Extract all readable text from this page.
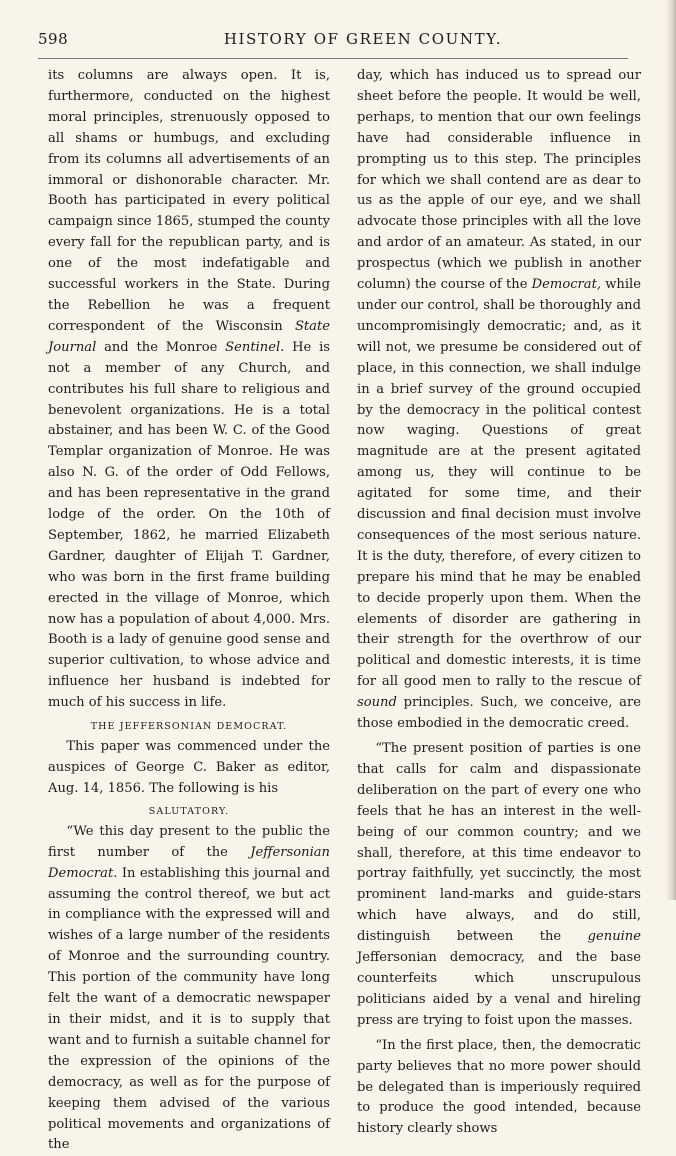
598	HISTORY OF GREEN COUNTY.

its columns are always open. It is, furthermore, conducted on the highest moral principles, strenuously opposed to all shams or humbugs, and excluding from its columns all advertisements of an immoral or dishonorable character. Mr. Booth has participated in every political campaign since 1865, stumped the county every fall for the republican party, and is one of the most indefatigable and successful workers in the State. During the Rebellion he was a frequent correspondent of the Wisconsin State Journal and the Monroe Sentinel. He is not a member of any Church, and contributes his full share to religious and benevolent organizations. He is a total abstainer, and has been W. C. of the Good Templar organization of Monroe. He was also N. G. of the order of Odd Fellows, and has been representative in the grand lodge of the order. On the 10th of September, 1862, he married Elizabeth Gardner, daughter of Elijah T. Gardner, who was born in the first frame building erected in the village of Monroe, which now has a population of about 4,000. Mrs. Booth is a lady of genuine good sense and superior cultivation, to whose advice and influence her husband is indebted for much of his success in life.

THE JEFFERSONIAN DEMOCRAT.

This paper was commenced under the auspices of George C. Baker as editor, Aug. 14, 1856. The following is his

SALUTATORY.

“We this day present to the public the first number of the Jeffersonian Democrat. In establishing this journal and assuming the control thereof, we but act in compliance with the expressed will and wishes of a large number of the residents of Monroe and the surrounding country. This portion of the community have long felt the want of a democratic newspaper in their midst, and it is to supply that want and to furnish a suitable channel for the expression of the opinions of the democracy, as well as for the purpose of keeping them advised of the various political movements and organizations of the

day, which has induced us to spread our sheet before the people. It would be well, perhaps, to mention that our own feelings have had considerable influence in prompting us to this step. The principles for which we shall contend are as dear to us as the apple of our eye, and we shall advocate those principles with all the love and ardor of an amateur. As stated, in our prospectus (which we publish in another column) the course of the Democrat, while under our control, shall be thoroughly and uncompromisingly democratic; and, as it will not, we presume be considered out of place, in this connection, we shall indulge in a brief survey of the ground occupied by the democracy in the political contest now waging. Questions of great magnitude are at the present agitated among us, they will continue to be agitated for some time, and their discussion and final decision must involve consequences of the most serious nature. It is the duty, therefore, of every citizen to prepare his mind that he may be enabled to decide properly upon them. When the elements of disorder are gathering in their strength for the overthrow of our political and domestic interests, it is time for all good men to rally to the rescue of sound principles. Such, we conceive, are those embodied in the democratic creed.

“The present position of parties is one that calls for calm and dispassionate deliberation on the part of every one who feels that he has an interest in the well-being of our common country; and we shall, therefore, at this time endeavor to portray faithfully, yet succinctly, the most prominent land-marks and guide-stars which have always, and do still, distinguish between the genuine Jeffersonian democracy, and the base counterfeits which unscrupulous politicians aided by a venal and hireling press are trying to foist upon the masses.

“In the first place, then, the democratic party believes that no more power should be delegated than is imperiously required to produce the good intended, because history clearly shows
